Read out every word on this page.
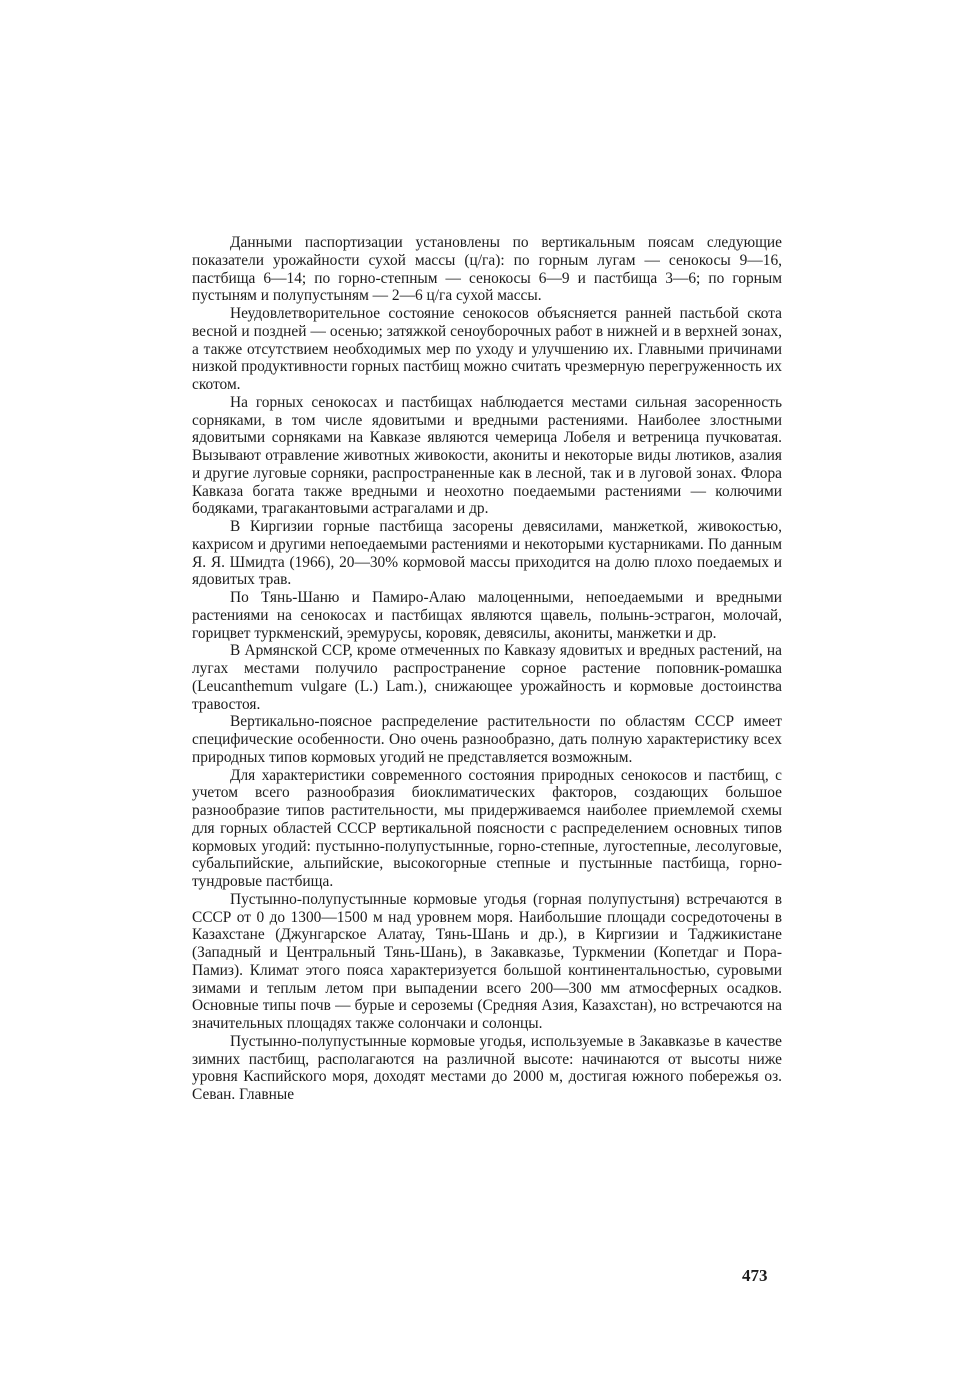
Данными паспортизации установлены по вертикальным поясам следующие показатели урожайности сухой массы (ц/га): по горным лугам — сенокосы 9—16, пастбища 6—14; по горно-степным — сенокосы 6—9 и пастбища 3—6; по горным пустыням и полупустыням — 2—6 ц/га сухой массы.

Неудовлетворительное состояние сенокосов объясняется ранней пастьбой скота весной и поздней — осенью; затяжкой сеноуборочных работ в нижней и в верхней зонах, а также отсутствием необходимых мер по уходу и улучшению их. Главными причинами низкой продуктивности горных пастбищ можно считать чрезмерную перегруженность их скотом.

На горных сенокосах и пастбищах наблюдается местами сильная засоренность сорняками, в том числе ядовитыми и вредными растениями. Наиболее злостными ядовитыми сорняками на Кавказе являются чемерица Лобеля и ветреница пучковатая. Вызывают отравление животных живокости, акониты и некоторые виды лютиков, азалия и другие луговые сорняки, распространенные как в лесной, так и в луговой зонах. Флора Кавказа богата также вредными и неохотно поедаемыми растениями — колючими бодяками, трагакантовыми астрагалами и др.

В Киргизии горные пастбища засорены девясилами, манжеткой, живокостью, кахрисом и другими непоедаемыми растениями и некоторыми кустарниками. По данным Я. Я. Шмидта (1966), 20—30% кормовой массы приходится на долю плохо поедаемых и ядовитых трав.

По Тянь-Шаню и Памиро-Алаю малоценными, непоедаемыми и вредными растениями на сенокосах и пастбищах являются щавель, полынь-эстрагон, молочай, горицвет туркменский, эремурусы, коровяк, девясилы, акониты, манжетки и др.

В Армянской ССР, кроме отмеченных по Кавказу ядовитых и вредных растений, на лугах местами получило распространение сорное растение поповник-ромашка (Leucanthemum vulgare (L.) Lam.), снижающее урожайность и кормовые достоинства травостоя.

Вертикально-поясное распределение растительности по областям СССР имеет специфические особенности. Оно очень разнообразно, дать полную характеристику всех природных типов кормовых угодий не представляется возможным.

Для характеристики современного состояния природных сенокосов и пастбищ, с учетом всего разнообразия биоклиматических факторов, создающих большое разнообразие типов растительности, мы придерживаемся наиболее приемлемой схемы для горных областей СССР вертикальной поясности с распределением основных типов кормовых угодий: пустынно-полупустынные, горно-степные, лугостепные, лесолуговые, субальпийские, альпийские, высокогорные степные и пустынные пастбища, горно-тундровые пастбища.

Пустынно-полупустынные кормовые угодья (горная полупустыня) встречаются в СССР от 0 до 1300—1500 м над уровнем моря. Наибольшие площади сосредоточены в Казахстане (Джунгарское Алатау, Тянь-Шань и др.), в Киргизии и Таджикистане (Западный и Центральный Тянь-Шань), в Закавказье, Туркмении (Копетдаг и Пора-Памиз). Климат этого пояса характеризуется большой континентальностью, суровыми зимами и теплым летом при выпадении всего 200—300 мм атмосферных осадков. Основные типы почв — бурые и сероземы (Средняя Азия, Казахстан), но встречаются на значительных площадях также солончаки и солонцы.

Пустынно-полупустынные кормовые угодья, используемые в Закавказье в качестве зимних пастбищ, располагаются на различной высоте: начинаются от высоты ниже уровня Каспийского моря, доходят местами до 2000 м, достигая южного побережья оз. Севан. Главные

473
